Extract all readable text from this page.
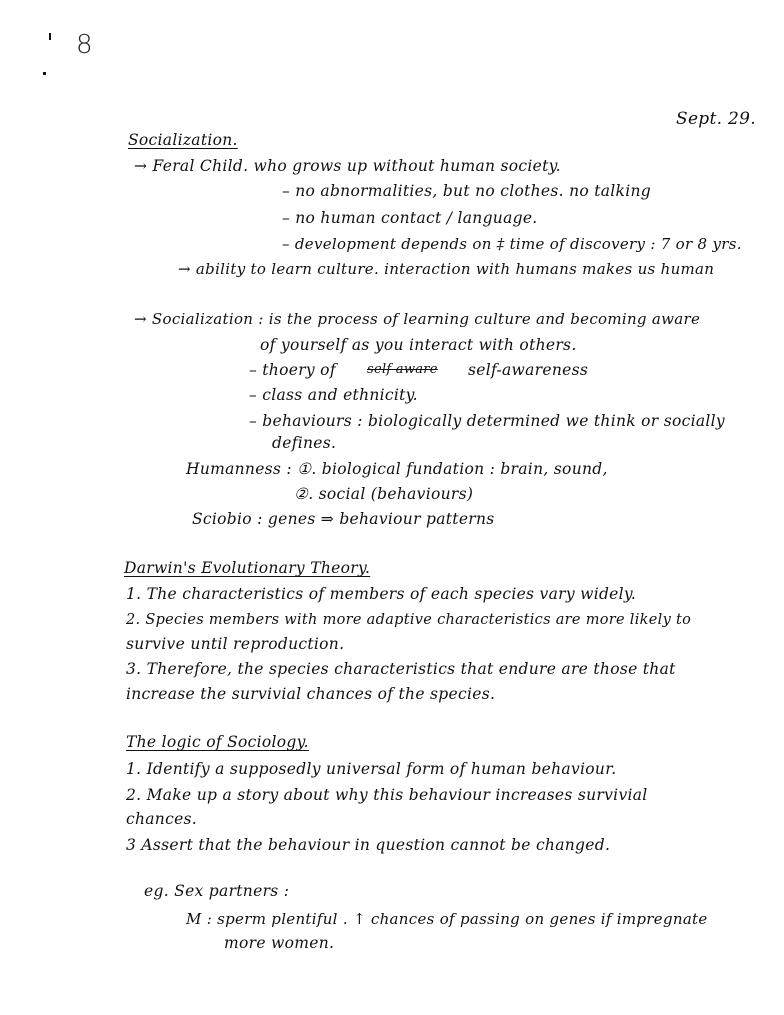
8
Sept. 29.
Socialization.
→ Feral Child. who grows up without human society.
– no abnormalities, but no clothes. no talking
– no human contact / language.
– development depends on ‡ time of discovery : 7 or 8 yrs.
→ ability to learn culture. interaction with humans makes us human
→ Socialization : is the process of learning culture and becoming aware
of yourself as you interact with others.
– thoery of self-aware self-awareness
– class and ethnicity.
– behaviours : biologically determined we think or socially
defines.
Humanness : ①. biological fundation : brain, sound,
②. social (behaviours)
Sciobio : genes ⇒ behaviour patterns
Darwin's Evolutionary Theory.
1. The characteristics of members of each species vary widely.
2. Species members with more adaptive characteristics are more likely to
survive until reproduction.
3. Therefore, the species characteristics that endure are those that
increase the survivial chances of the species.
The logic of Sociology.
1. Identify a supposedly universal form of human behaviour.
2. Make up a story about why this behaviour increases survivial
chances.
3 Assert that the behaviour in question cannot be changed.
eg. Sex partners :
M : sperm plentiful . ↑ chances of passing on genes if impregnate
more women.
